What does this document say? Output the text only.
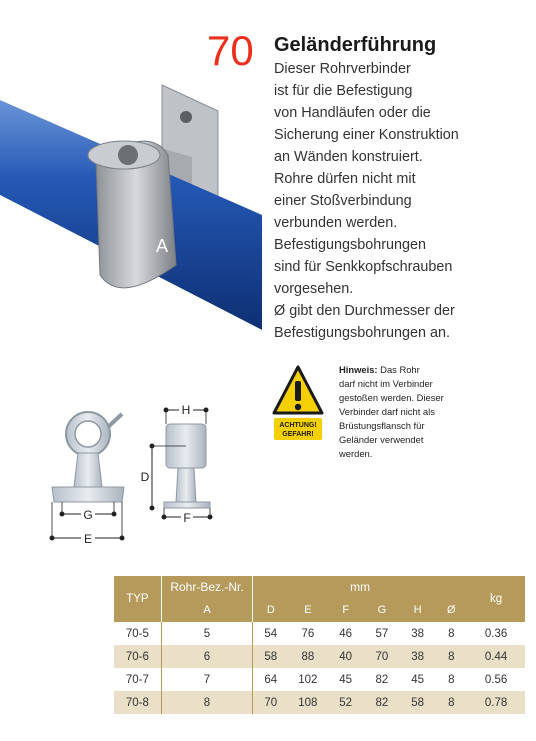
A
70 Geländerführung
Dieser Rohrverbinder
ist für die Befestigung
von Handläufen oder die
Sicherung einer Konstruktion
an Wänden konstruiert.
Rohre dürfen nicht mit
einer Stoßverbindung
verbunden werden.
Befestigungsbohrungen
sind für Senkkopfschrauben
vorgesehen.
Ø gibt den Durchmesser der
Befestigungsbohrungen an.
ACHTUNG!
GEFAHR!
Hinweis: Das Rohr
darf nicht im Verbinder
gestoßen werden. Dieser
Verbinder darf nicht als
Brüstungsflansch für
Geländer verwendet
werden.
H
D
F
G
E
TYP	Rohr-Bez.-Nr.	mm						kg
	A	D	E	F	G	H	Ø	
70-5	5	54	76	46	57	38	8	0.36
70-6	6	58	88	40	70	38	8	0.44
70-7	7	64	102	45	82	45	8	0.56
70-8	8	70	108	52	82	58	8	0.78
